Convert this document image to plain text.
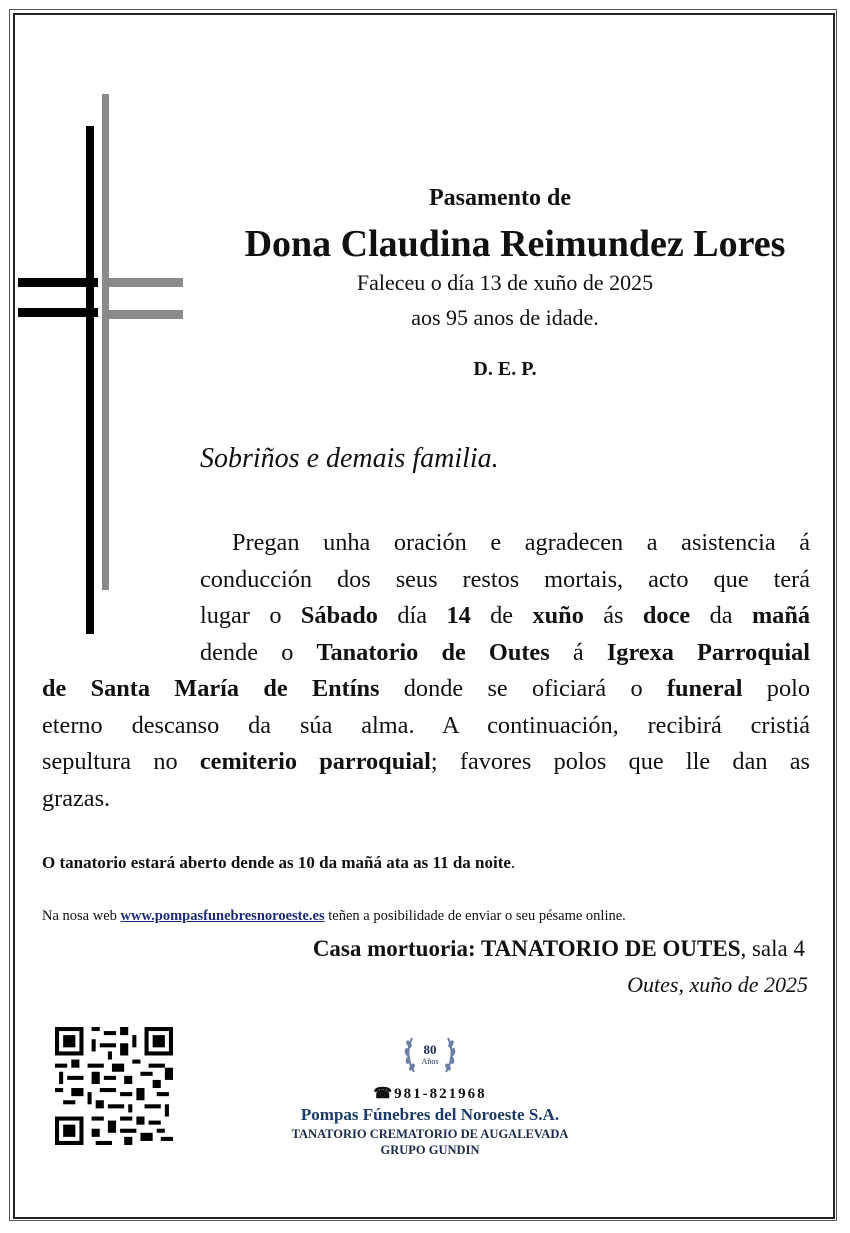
Pasamento de
Dona Claudina Reimundez Lores
Faleceu o día 13 de xuño de 2025
aos 95 anos de idade.
D. E. P.
Sobriños e demais familia.
Pregan unha oración e agradecen a asistencia á
conducción dos seus restos mortais, acto que terá
lugar o Sábado día 14 de xuño ás doce da mañá
dende o Tanatorio de Outes á Igrexa Parroquial
de Santa María de Entíns donde se oficiará o funeral polo
eterno descanso da súa alma. A continuación, recibirá cristiá
sepultura no cemiterio parroquial; favores polos que lle dan as
grazas.
O tanatorio estará aberto dende as 10 da mañá ata as 11 da noite.
Na nosa web www.pompasfunebresnoroeste.es teñen a posibilidade de enviar o seu pésame online.
Casa mortuoria: TANATORIO DE OUTES, sala 4
Outes, xuño de 2025
80
Años
☎981-821968
Pompas Fúnebres del Noroeste S.A.
TANATORIO CREMATORIO DE AUGALEVADA
GRUPO GUNDIN
